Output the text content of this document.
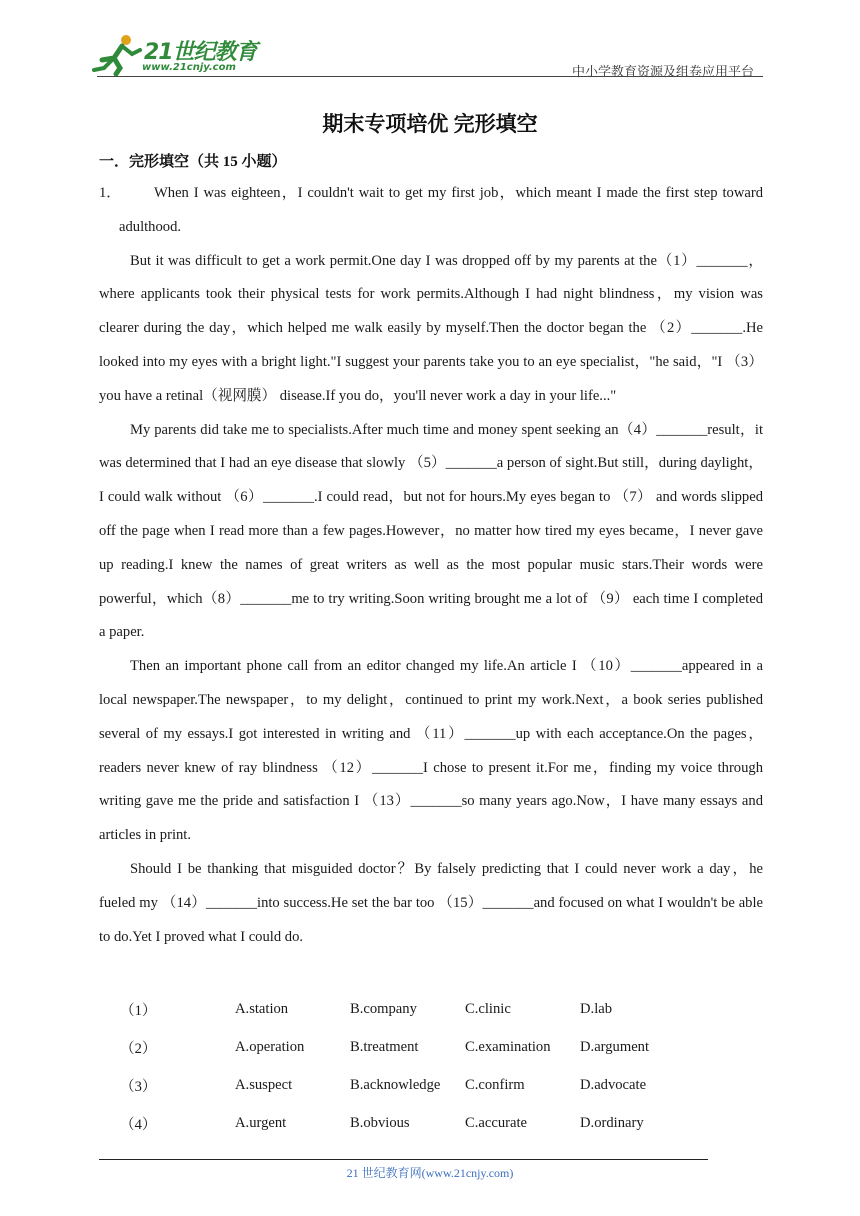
21世纪教育
www.21cnjy.com	中小学教育资源及组卷应用平台
期末专项培优 完形填空
一．完形填空（共 15 小题）

1． When I was eighteen，I couldn't wait to get my first job，which meant I made the first step toward adulthood.

But it was difficult to get a work permit.One day I was dropped off by my parents at the（1）_______，where applicants took their physical tests for work permits.Although I had night blindness，my vision was clearer during the day，which helped me walk easily by myself.Then the doctor began the （2）_______.He looked into my eyes with a bright light."I suggest your parents take you to an eye specialist，"he said，"I （3） you have a retinal（视网膜） disease.If you do，you'll never work a day in your life..."

My parents did take me to specialists.After much time and money spent seeking an（4）_______result，it was determined that I had an eye disease that slowly （5）_______a person of sight.But still，during daylight，I could walk without （6）_______.I could read，but not for hours.My eyes began to （7） and words slipped off the page when I read more than a few pages.However，no matter how tired my eyes became，I never gave up reading.I knew the names of great writers as well as the most popular music stars.Their words were powerful，which（8）_______me to try writing.Soon writing brought me a lot of （9） each time I completed a paper.

Then an important phone call from an editor changed my life.An article I （10）_______appeared in a local newspaper.The newspaper，to my delight，continued to print my work.Next，a book series published several of my essays.I got interested in writing and （11）_______up with each acceptance.On the pages，readers never knew of ray blindness （12）_______I chose to present it.For me，finding my voice through writing gave me the pride and satisfaction I （13）_______so many years ago.Now，I have many essays and articles in print.

Should I be thanking that misguided doctor？By falsely predicting that I could never work a day，he fueled my （14）_______into success.He set the bar too （15）_______and focused on what I wouldn't be able to do.Yet I proved what I could do.

（1）	A.station	B.company	C.clinic	D.lab
（2）	A.operation	B.treatment	C.examination	D.argument
（3）	A.suspect	B.acknowledge	C.confirm	D.advocate
（4）	A.urgent	B.obvious	C.accurate	D.ordinary
21 世纪教育网(www.21cnjy.com)
